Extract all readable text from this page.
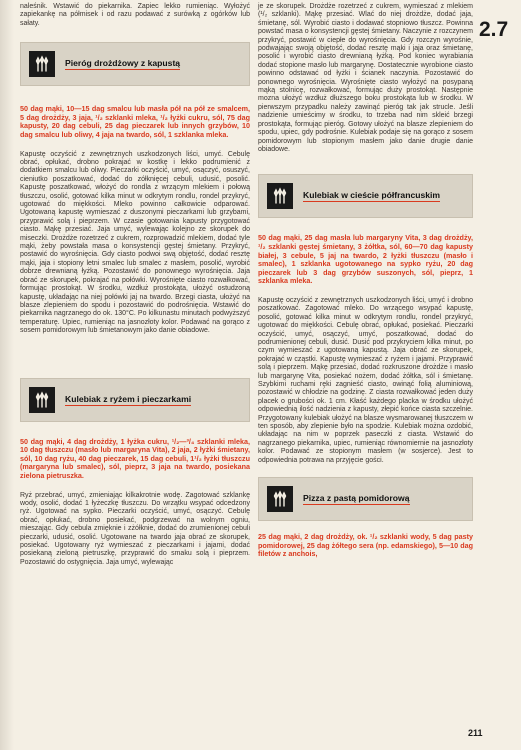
2.7

naleśnik. Wstawić do piekarnika. Zapiec lekko rumieniąc. Wyłożyć zapiekankę na półmisek i od razu podawać z surówką z ogórków lub sałaty.

Pieróg drożdżowy z kapustą

50 dag mąki, 10—15 dag smalcu lub masła pół na pół ze smalcem, 5 dag drożdży, 3 jaja, ¹/₂ szklanki mleka, ¹/₂ łyżki cukru, sól, 75 dag kapusty, 20 dag cebuli, 25 dag pieczarek lub innych grzybów, 10 dag smalcu lub oliwy, 4 jaja na twardo, sól, 1 szklanka mleka.

Kapustę oczyścić z zewnętrznych uszkodzonych liści, umyć. Cebulę obrać, opłukać, drobno pokrajać w kostkę i lekko podrumienić z dodatkiem smalcu lub oliwy. Pieczarki oczyścić, umyć, osączyć, osuszyć, cieniutko poszatkować, dodać do zółknięcej cebuli, udusić, posolić. Kapustę poszatkować, włożyć do rondla z wrzącym mlekiem i połową tłuszczu, osolić, gotować kilka minut w odkrytym rondlu, rondel przykryć, ugotować do miękkości. Mleko powinno całkowicie odparować. Ugotowaną kapustę wymieszać z duszonymi pieczarkami lub grzybami, przyprawić solą i pieprzem. W czasie gotowania kapusty przygotować ciasto. Mąkę przesiać. Jaja umyć, wylewając kolejno ze skorupek do miseczki. Drożdże rozetrzeć z cukrem, rozprowadzić mlekiem, dodać tyle mąki, żeby powstała masa o konsystencji gęstej śmietany. Przykryć, postawić do wyrośnięcia. Gdy ciasto podwoi swą objętość, dodać resztę mąki, jaja i stopiony letni smalec lub smalec z masłem, posolić, wyrobić dobrze drewnianą łyżką. Pozostawić do ponownego wyrośnięcia. Jaja obrać ze skorupek, pokrajać na połówki. Wyrośnięte ciasto rozwałkować, formując prostokąt. W środku, wzdłuż prostokąta, ułożyć ostudzoną kapustę, układając na niej połówki jaj na twardo. Brzegi ciasta, ułożyć na blasze zlepieniem do spodu i pozostawić do podrośnięcia. Wstawić do piekarnika nagrzanego do ok. 130°C. Po kilkunastu minutach podwyższyć temperaturę. Upiec, rumieniąc na jasnozłoty kolor. Podawać na gorąco z sosem pomidorowym lub śmietanowym jako danie obiadowe.

Kulebiak z ryżem i pieczarkami

50 dag mąki, 4 dag drożdży, 1 łyżka cukru, ¹/₂—³/₄ szklanki mleka, 10 dag tłuszczu (masło lub margaryna Vita), 2 jaja, 2 łyżki śmietany, sól, 10 dag ryżu, 40 dag pieczarek, 15 dag cebuli, 1¹/₂ łyżki tłuszczu (margaryna lub smalec), sól, pieprz, 3 jaja na twardo, posiekana zielona pietruszka.

Ryż przebrać, umyć, zmieniając kilkakrotnie wodę. Zagotować szklankę wody, osolić, dodać 1 łyżeczkę tłuszczu. Do wrzątku wsypać odcedzony ryż. Ugotować na sypko. Pieczarki oczyścić, umyć, osączyć. Cebulę obrać, opłukać, drobno posiekać, podgrzewać na wolnym ogniu, mieszając. Gdy cebula zmięknie i zżółknie, dodać do zrumienionej cebuli pieczarki, udusić, osolić. Ugotowane na twardo jaja obrać ze skorupek, posiekać. Ugotowany ryż wymieszać z pieczarkami i jajami, dodać posiekaną zieloną pietruszkę, przyprawić do smaku solą i pieprzem. Pozostawić do ostygnięcia. Jaja umyć, wylewając

je ze skorupek. Drożdże rozetrzeć z cukrem, wymieszać z mlekiem (¹/₂ szklanki). Mąkę przesiać. Wlać do niej drożdże, dodać jaja, śmietanę, sól. Wyrobić ciasto i dodawać stopniowo tłuszcz. Powinna powstać masa o konsystencji gęstej śmietany. Naczynie z rozczynem przykryć, postawić w ciepłe do wyrośnięcia. Gdy rozczyn wyrośnie, podwajając swoją objętość, dodać resztę mąki i jaja oraz śmietanę, posolić i wyrobić ciasto drewnianą łyżką. Pod koniec wyrabiania dodać stopione masło lub margarynę. Dostatecznie wyrobione ciasto powinno odstawać od łyżki i ścianek naczynia. Pozostawić do ponownego wyrośnięcia. Wyrośnięte ciasto wyłożyć na posypaną mąką stolnicę, rozwałkować, formując duży prostokąt. Następnie mozna ułożyć wzdłuż dłuższego boku prostokąta lub w środku. W pierwszym przypadku należy zawinąć pieróg tak jak strucle. Jeśli nadzienie umieścimy w środku, to trzeba nad nim skleić brzegi prostokąta, formując pieróg. Gotowy ułożyć na blasze zlepieniem do spodu, upiec, gdy podrośnie. Kulebiak podaje się na gorąco z sosem pomidorowym lub stopionym masłem jako danie drugie danie obiadowe.

Kulebiak w cieście półfrancuskim

50 dag mąki, 25 dag masła lub margaryny Vita, 3 dag drożdży, ¹/₂ szklanki gęstej śmietany, 3 żółtka, sól, 60—70 dag kapusty białej, 3 cebule, 5 jaj na twardo, 2 łyżki tłuszczu (masło i smalec), 1 szklanka ugotowanego na sypko ryżu, 20 dag pieczarek lub 3 dag grzybów suszonych, sól, pieprz, 1 szklanka mleka.

Kapustę oczyścić z zewnętrznych uszkodzonych liści, umyć i drobno poszatkować. Zagotować mleko. Do wrzącego wsypać kapustę, posolić, gotować kilka minut w odkrytym rondlu, rondel przykryć, ugotować do miękkości. Cebulę obrać, opłukać, posiekać. Pieczarki oczyścić, umyć, osączyć, umyć, poszatkować, dodać do podrumienionej cebuli, dusić. Dusić pod przykryciem kilka minut, po czym wymieszać z ugotowaną kapustą. Jaja obrać ze skorupek, pokrajać w cząstki. Kapustę wymieszać z ryżem i jajami. Przyprawić solą i pieprzem. Mąkę przesiać, dodać rozkruszone drożdże i masło lub margarynę Vita, posiekać nożem, dodać żółtka, sól i śmietanę. Szybkimi ruchami ręki zagnieść ciasto, owinąć folią aluminiową, pozostawić w chłodzie na godzinę. Z ciasta rozwałkować jeden duży placek o grubości ok. 1 cm. Kłaść każdego placka w środku ułożyć odpowiednią ilość nadzienia z kapusty, złepić końce ciasta szczelnie. Przygotowany kulebiak ułożyć na blasze wysmarowanej tłuszczem w ten sposób, aby zlepienie było na spodzie. Kulebiak można ozdobić, układając na nim w poprzek paseczki z ciasta. Wstawić do nagrzanego piekarnika, upiec, rumieniąc równomiernie na jasnozłoty kolor. Podawać ze stopionym masłem (w sosjerce). Jest to odpowiednia potrawa na przyjęcie gości.

Pizza z pastą pomidorową

25 dag mąki, 2 dag drożdży, ok. ¹/₂ szklanki wody, 5 dag pasty pomidorowej, 25 dag żółtego sera (np. edamskiego), 5—10 dag filetów z anchois,

211
